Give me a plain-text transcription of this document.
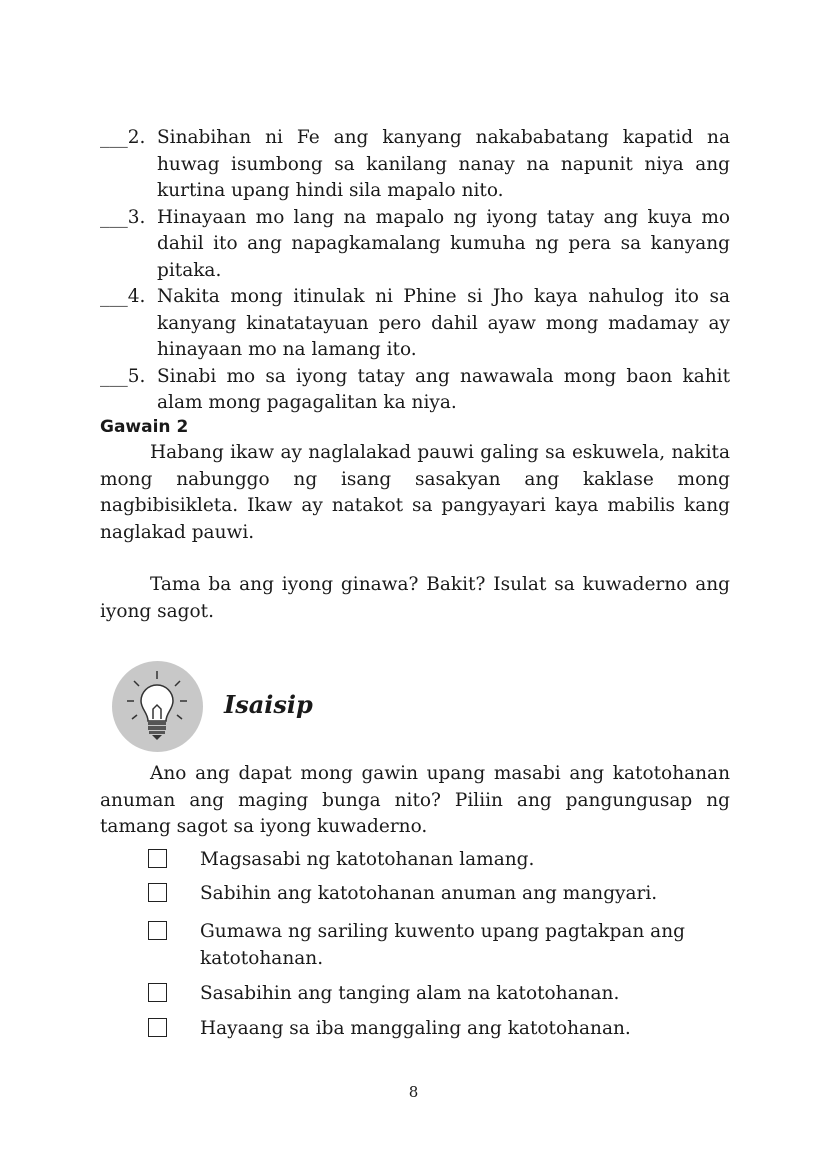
___2. Sinabihan ni Fe ang kanyang nakababatang kapatid na
huwag isumbong sa kanilang nanay na napunit niya ang
kurtina upang hindi sila mapalo nito.
___3. Hinayaan mo lang na mapalo ng iyong tatay ang kuya mo
dahil ito ang napagkamalang kumuha ng pera sa kanyang
pitaka.
___4. Nakita mong itinulak ni Phine si Jho kaya nahulog ito sa
kanyang kinatatayuan pero dahil ayaw mong madamay ay
hinayaan mo na lamang ito.
___5. Sinabi mo sa iyong tatay ang nawawala mong baon kahit
alam mong pagagalitan ka niya.
Gawain 2

Habang ikaw ay naglalakad pauwi galing sa eskuwela, nakita mong nabunggo ng isang sasakyan ang kaklase mong nagbibisikleta. Ikaw ay natakot sa pangyayari kaya mabilis kang naglakad pauwi.

Tama ba ang iyong ginawa? Bakit? Isulat sa kuwaderno ang iyong sagot.

Isaisip

Ano ang dapat mong gawin upang masabi ang katotohanan anuman ang maging bunga nito? Piliin ang pangungusap ng tamang sagot sa iyong kuwaderno.

Magsasabi ng katotohanan lamang.
Sabihin ang katotohanan anuman ang mangyari.
Gumawa ng sariling kuwento upang pagtakpan ang katotohanan.
Sasabihin ang tanging alam na katotohanan.
Hayaang sa iba manggaling ang katotohanan.
8
